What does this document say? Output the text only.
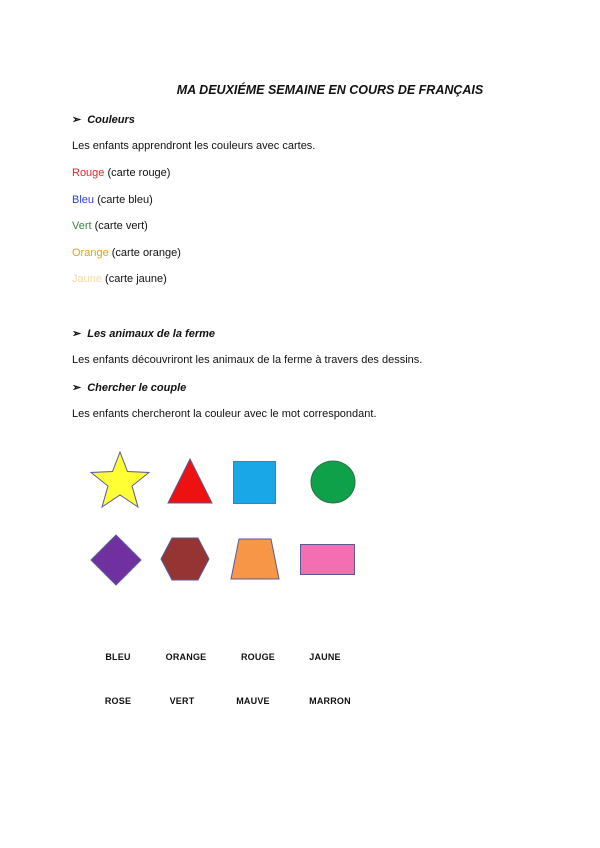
MA DEUXIÉME SEMAINE EN COURS DE FRANÇAIS
➢ Couleurs
Les enfants apprendront les couleurs avec cartes.
Rouge (carte rouge)
Bleu (carte bleu)
Vert (carte vert)
Orange (carte orange)
Jaune (carte jaune)
➢ Les animaux de la ferme
Les enfants découvriront les animaux de la ferme à travers des dessins.
➢ Chercher le couple
Les enfants chercheront la couleur avec le mot correspondant.
BLEU	ORANGE	ROUGE	JAUNE
ROSE	VERT	MAUVE	MARRON
